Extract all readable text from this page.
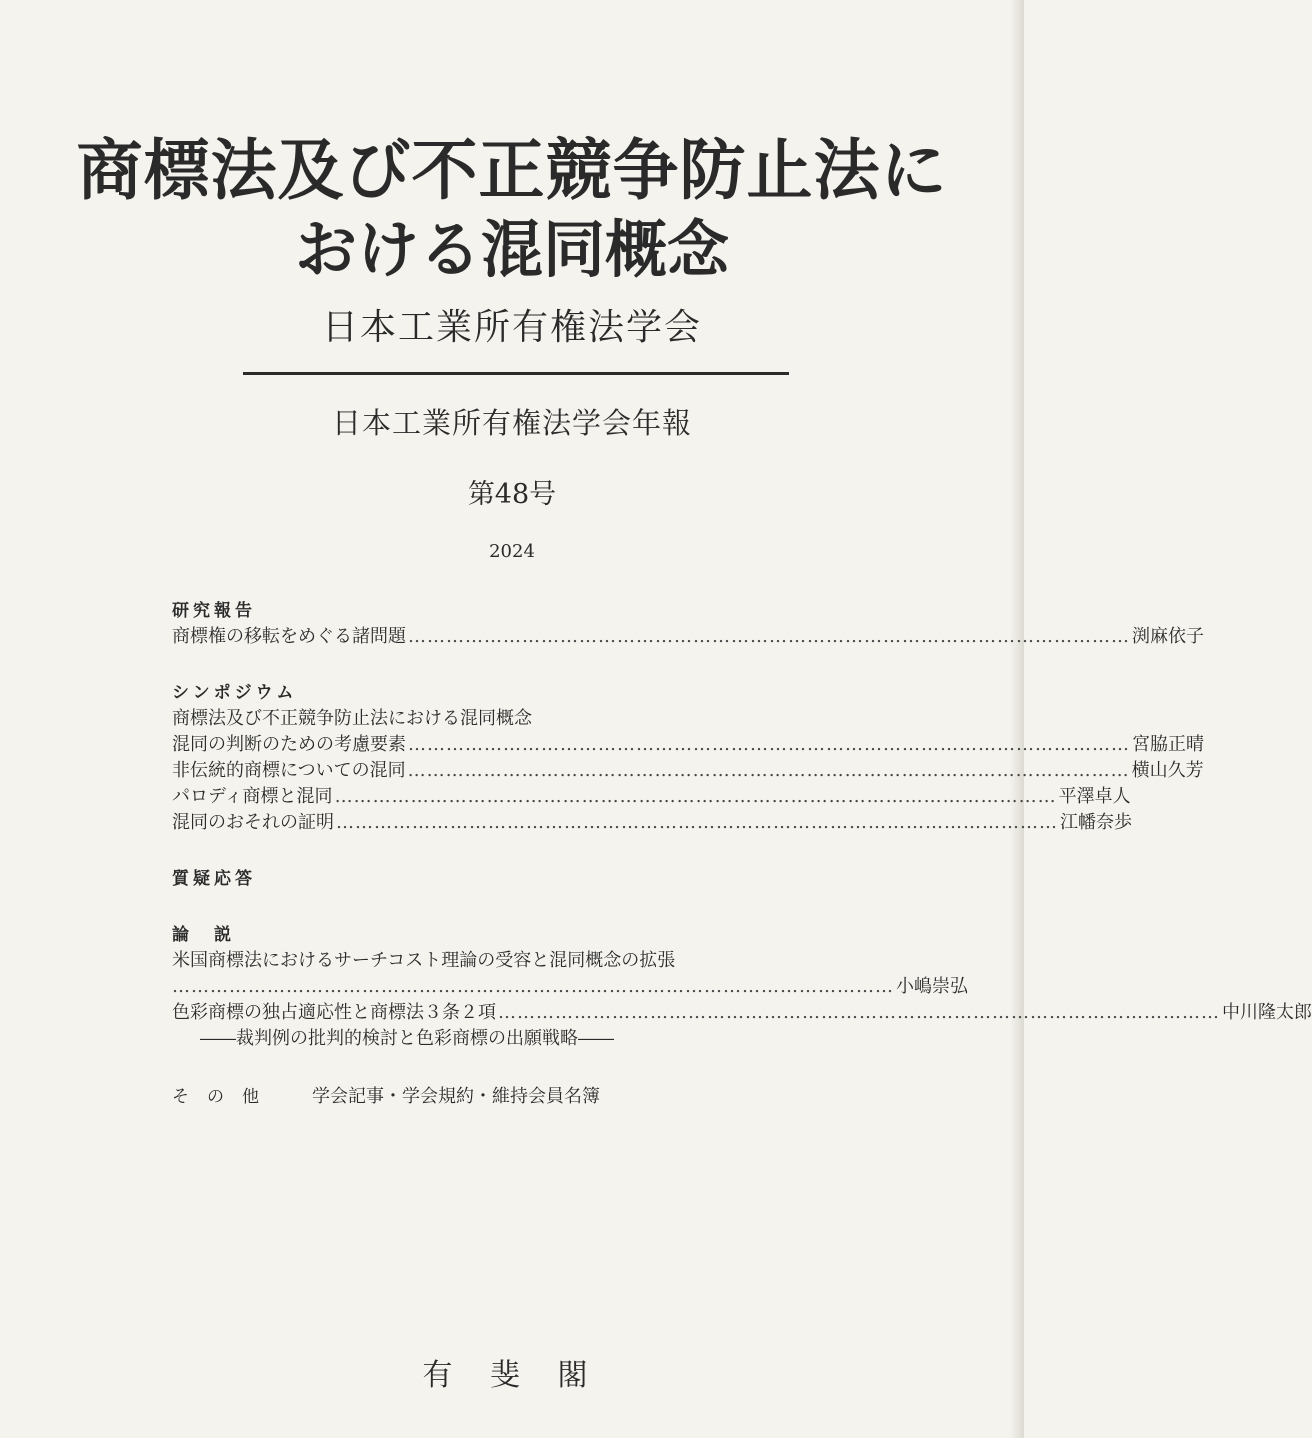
商標法及び不正競争防止法に
おける混同概念
日本工業所有権法学会
日本工業所有権法学会年報
第48号
2024
研究報告
商標権の移転をめぐる諸問題 …………………………………………………………………………………………………… 渕 麻依子
シンポジウム
商標法及び不正競争防止法における混同概念
混同の判断のための考慮要素 …………………………………………………………………………………………………… 宮 脇 正 晴
非伝統的商標についての混同 …………………………………………………………………………………………………… 横 山 久 芳
パロディ商標と混同 …………………………………………………………………………………………………… 平 澤 卓 人
混同のおそれの証明 …………………………………………………………………………………………………… 江 幡 奈 歩
質疑応答
論　説
米国商標法におけるサーチコスト理論の受容と混同概念の拡張
…………………………………………………………………………………………………… 小 嶋 崇 弘
色彩商標の独占適応性と商標法３条２項 …………………………………………………………………………………………………… 中 川 隆太郎
――裁判例の批判的検討と色彩商標の出願戦略――
その他	学会記事・学会規約・維持会員名簿
有 斐 閣
